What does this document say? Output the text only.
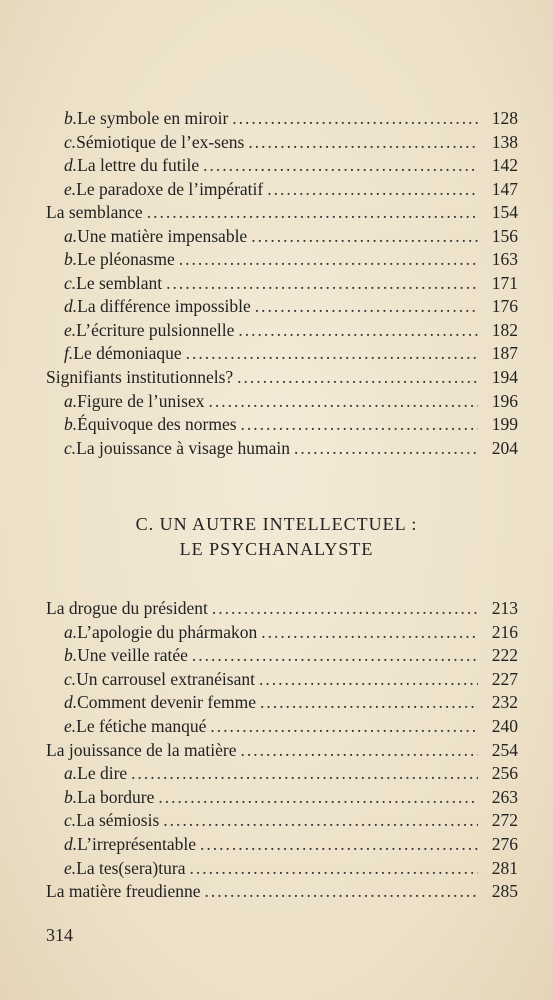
b. Le symbole en miroir .....	128
c. Sémiotique de l’ex-sens .....	138
d. La lettre du futile .....	142
e. Le paradoxe de l’impératif .....	147
La semblance .....	154
a. Une matière impensable .....	156
b. Le pléonasme .....	163
c. Le semblant .....	171
d. La différence impossible .....	176
e. L’écriture pulsionnelle .....	182
f. Le démoniaque .....	187
Signifiants institutionnels? .....	194
a. Figure de l’unisex .....	196
b. Équivoque des normes .....	199
c. La jouissance à visage humain .....	204
C. UN AUTRE INTELLECTUEL :
LE PSYCHANALYSTE
La drogue du président .....	213
a. L’apologie du phármakon .....	216
b. Une veille ratée .....	222
c. Un carrousel extranéisant .....	227
d. Comment devenir femme .....	232
e. Le fétiche manqué .....	240
La jouissance de la matière .....	254
a. Le dire .....	256
b. La bordure .....	263
c. La sémiosis .....	272
d. L’irreprésentable .....	276
e. La tes(sera)tura .....	281
La matière freudienne .....	285
314
